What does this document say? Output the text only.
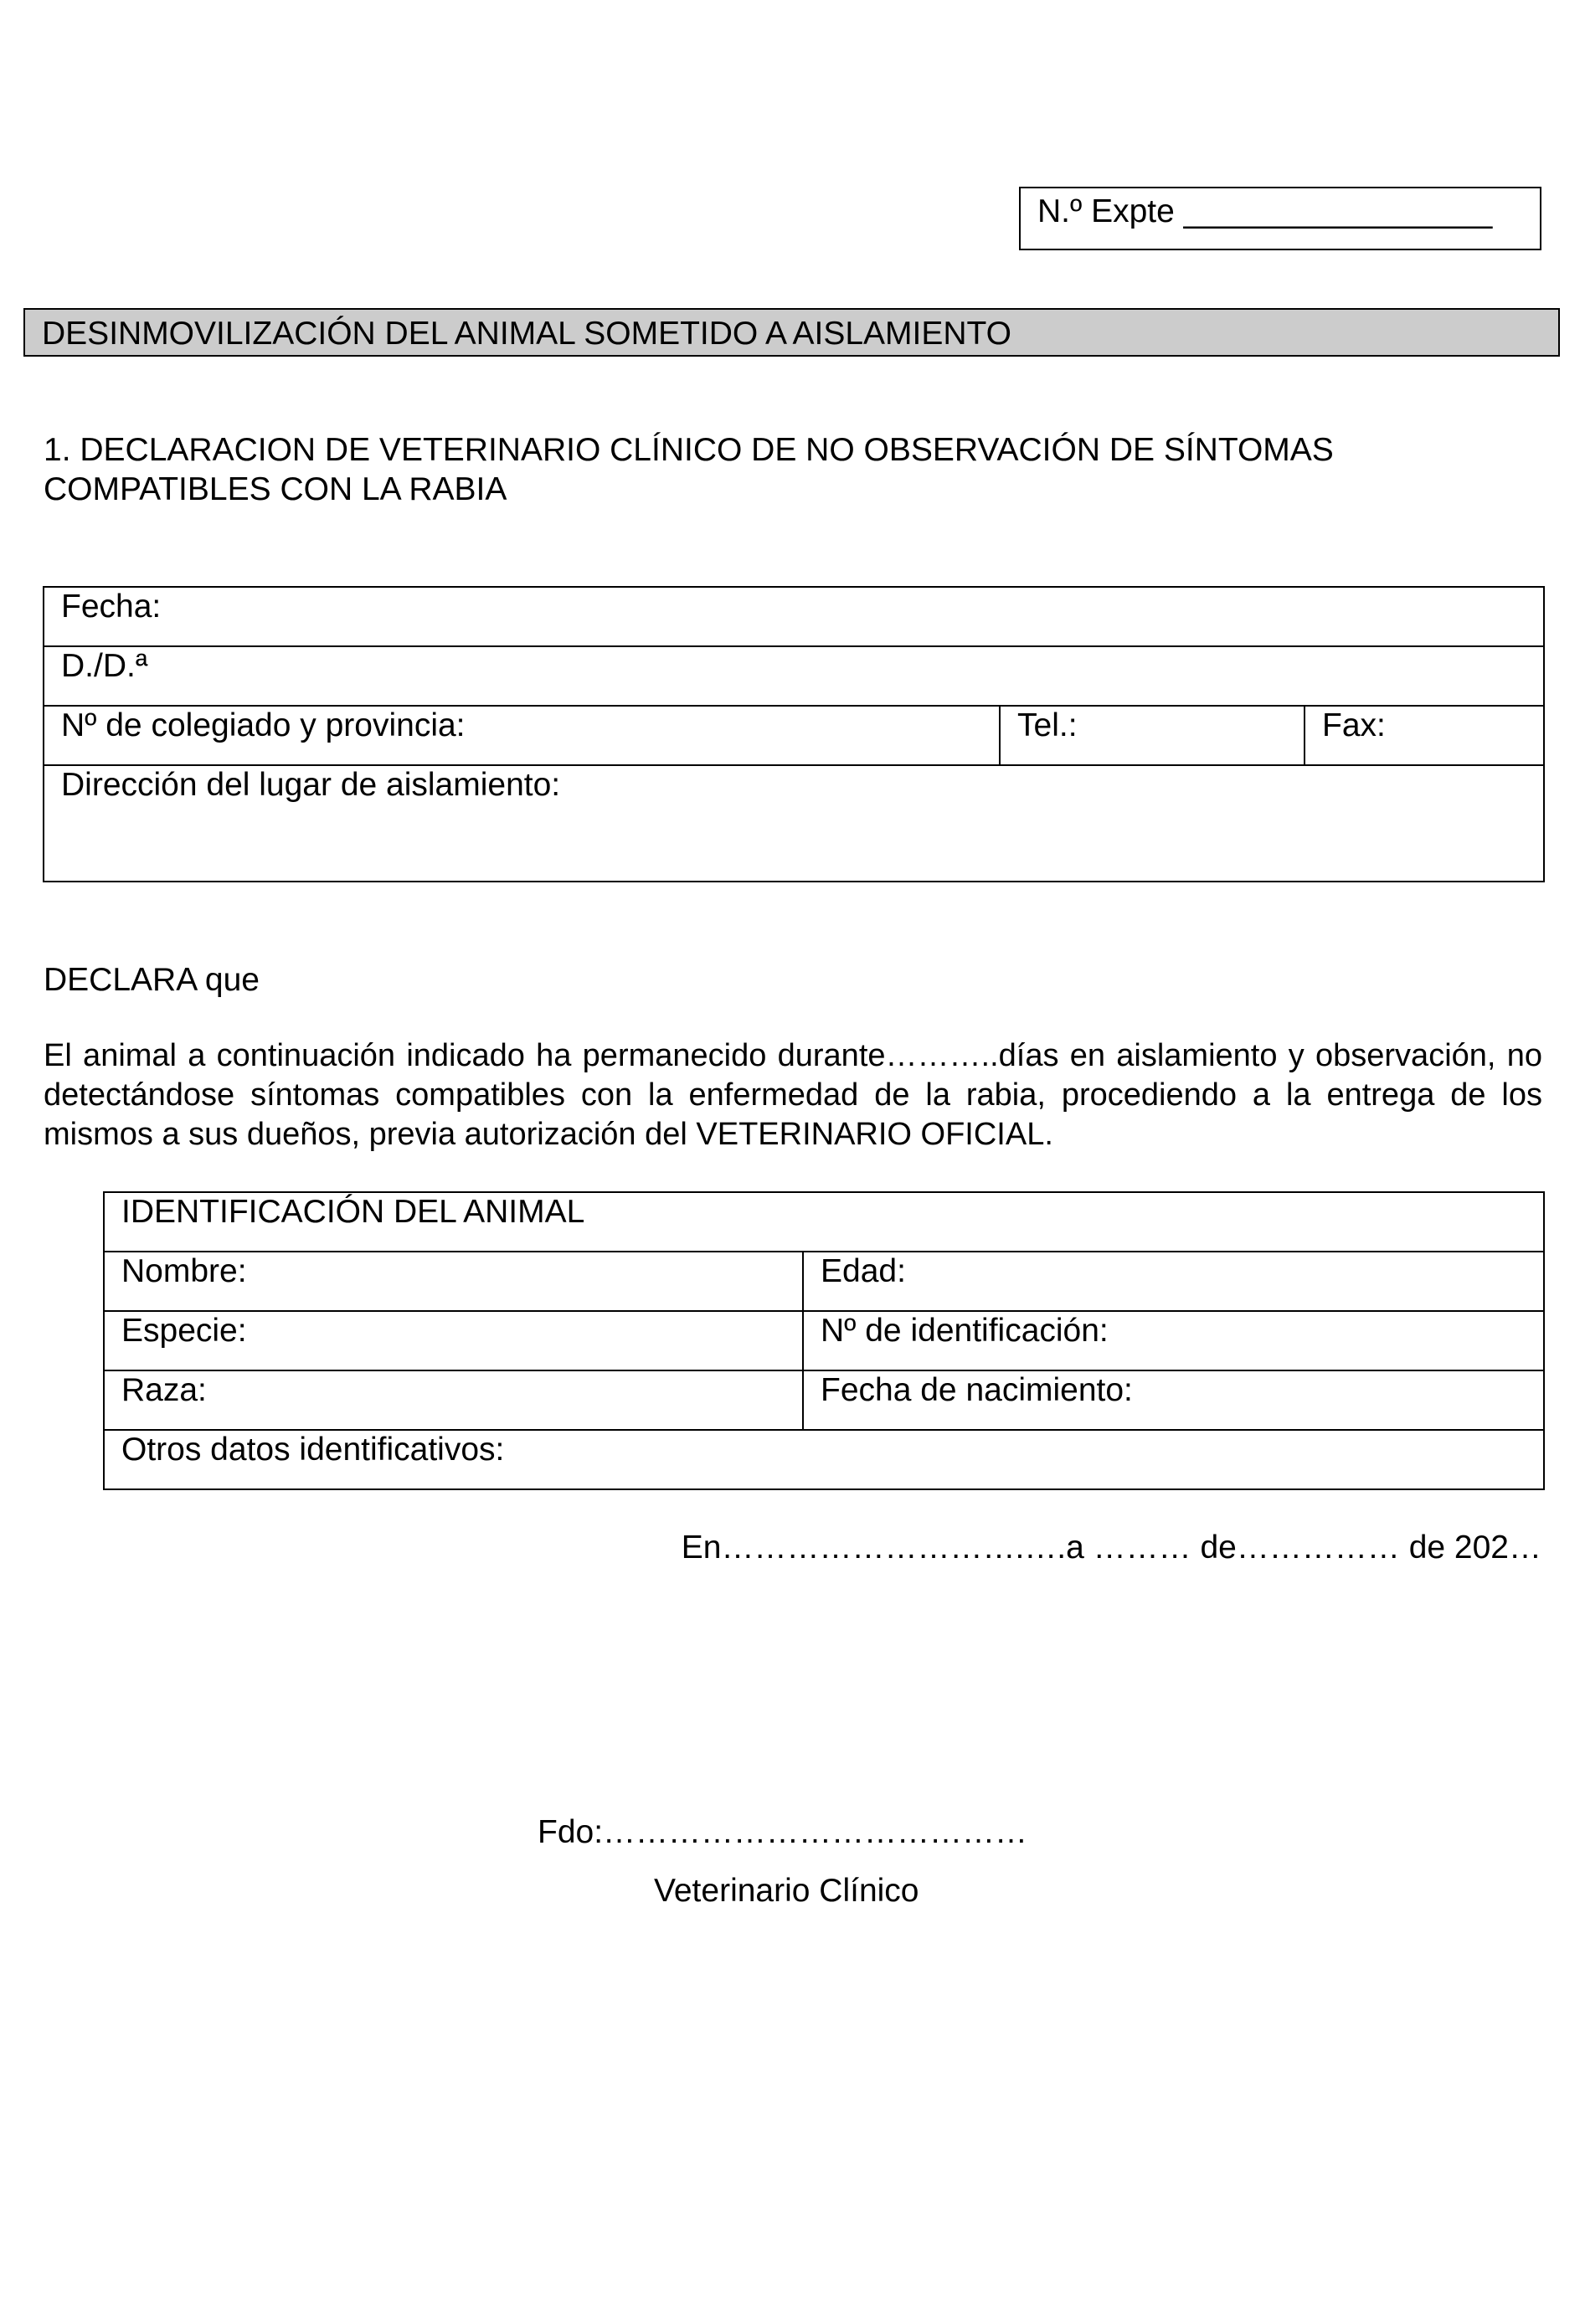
N.º Expte _________________
DESINMOVILIZACIÓN DEL ANIMAL SOMETIDO A AISLAMIENTO
1. DECLARACION DE VETERINARIO CLÍNICO DE NO OBSERVACIÓN DE SÍNTOMAS COMPATIBLES CON LA RABIA
Fecha:
D./D.ª
Nº de colegiado y provincia:	Tel.:	Fax:
Dirección del lugar de aislamiento:
DECLARA que
El animal a continuación indicado ha permanecido durante………..días en aislamiento y observación, no detectándose síntomas compatibles con la enfermedad de la rabia, procediendo a la entrega de los mismos a sus dueños, previa autorización del VETERINARIO OFICIAL.
IDENTIFICACIÓN DEL ANIMAL	
Nombre:	Edad:
Especie:	Nº de identificación:
Raza:	Fecha de nacimiento:
Otros datos identificativos:	
En……………………….….a ……… de…………… de 202…
Fdo:…………………………………
Veterinario Clínico
